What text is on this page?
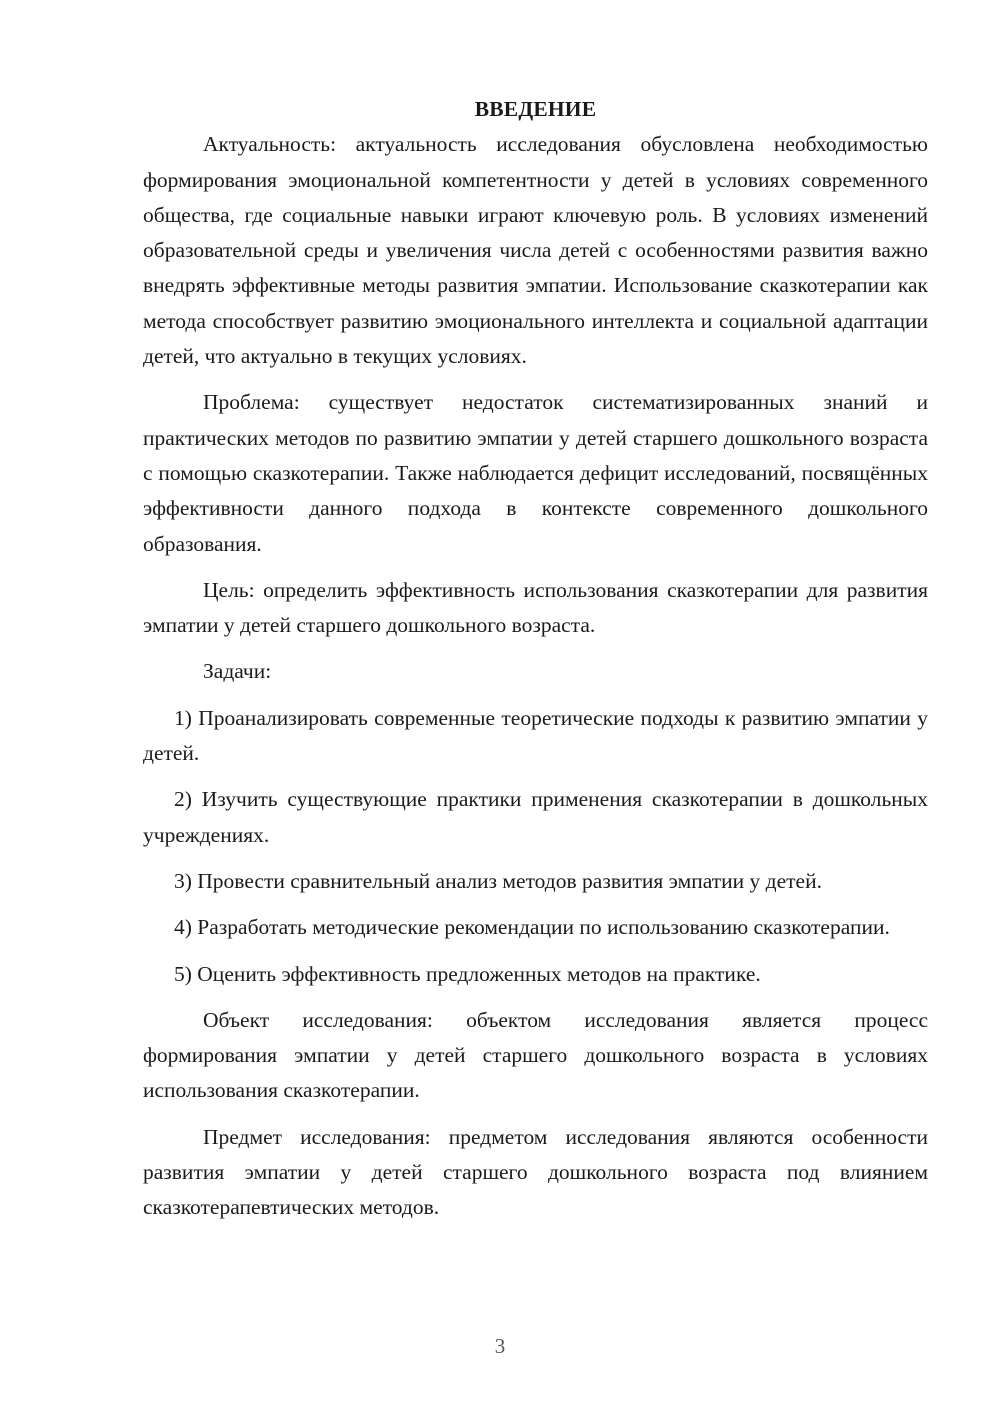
ВВЕДЕНИЕ

Актуальность: актуальность исследования обусловлена необходимостью формирования эмоциональной компетентности у детей в условиях современного общества, где социальные навыки играют ключевую роль. В условиях изменений образовательной среды и увеличения числа детей с особенностями развития важно внедрять эффективные методы развития эмпатии. Использование сказкотерапии как метода способствует развитию эмоционального интеллекта и социальной адаптации детей, что актуально в текущих условиях.

Проблема: существует недостаток систематизированных знаний и практических методов по развитию эмпатии у детей старшего дошкольного возраста с помощью сказкотерапии. Также наблюдается дефицит исследований, посвящённых эффективности данного подхода в контексте современного дошкольного образования.

Цель: определить эффективность использования сказкотерапии для развития эмпатии у детей старшего дошкольного возраста.

Задачи:

1) Проанализировать современные теоретические подходы к развитию эмпатии у детей.

2) Изучить существующие практики применения сказкотерапии в дошкольных учреждениях.

3) Провести сравнительный анализ методов развития эмпатии у детей.

4) Разработать методические рекомендации по использованию сказкотерапии.

5) Оценить эффективность предложенных методов на практике.

Объект исследования: объектом исследования является процесс формирования эмпатии у детей старшего дошкольного возраста в условиях использования сказкотерапии.

Предмет исследования: предметом исследования являются особенности развития эмпатии у детей старшего дошкольного возраста под влиянием сказкотерапевтических методов.

3
